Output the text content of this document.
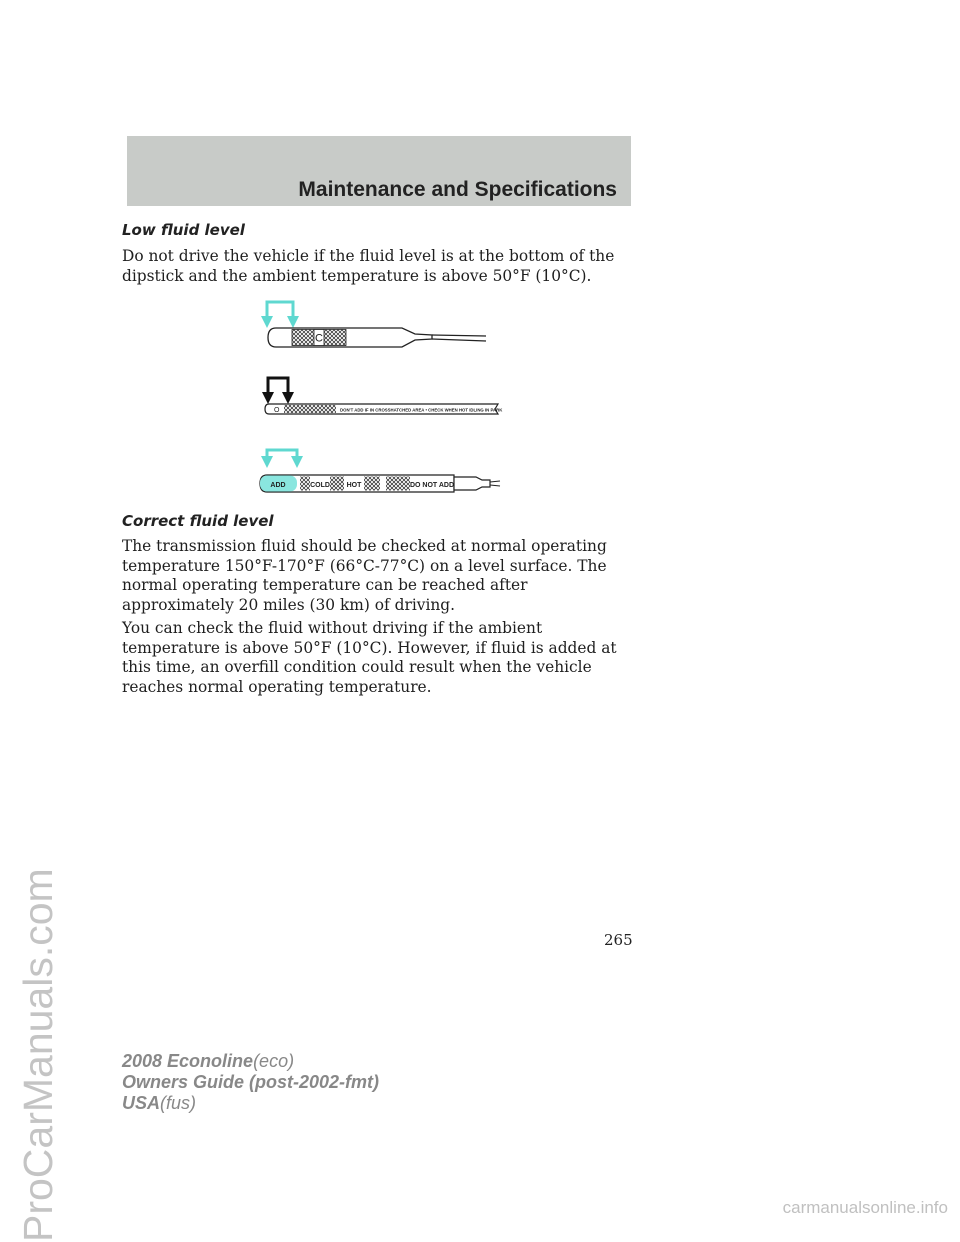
ProCarManuals.com
Maintenance and Specifications
Low fluid level
Do not drive the vehicle if the fluid level is at the bottom of the dipstick and the ambient temperature is above 50°F (10°C).
C
O	DON'T ADD IF IN CROSSHATCHED AREA • CHECK WHEN HOT IDLING IN PARK
ADD	COLD HOT	DO NOT ADD
Correct fluid level
The transmission fluid should be checked at normal operating temperature 150°F-170°F (66°C-77°C) on a level surface. The normal operating temperature can be reached after approximately 20 miles (30 km) of driving.
You can check the fluid without driving if the ambient temperature is above 50°F (10°C). However, if fluid is added at this time, an overfill condition could result when the vehicle reaches normal operating temperature.
265
2008 Econoline(eco)
Owners Guide (post-2002-fmt)
USA(fus)
carmanualsonline.info
